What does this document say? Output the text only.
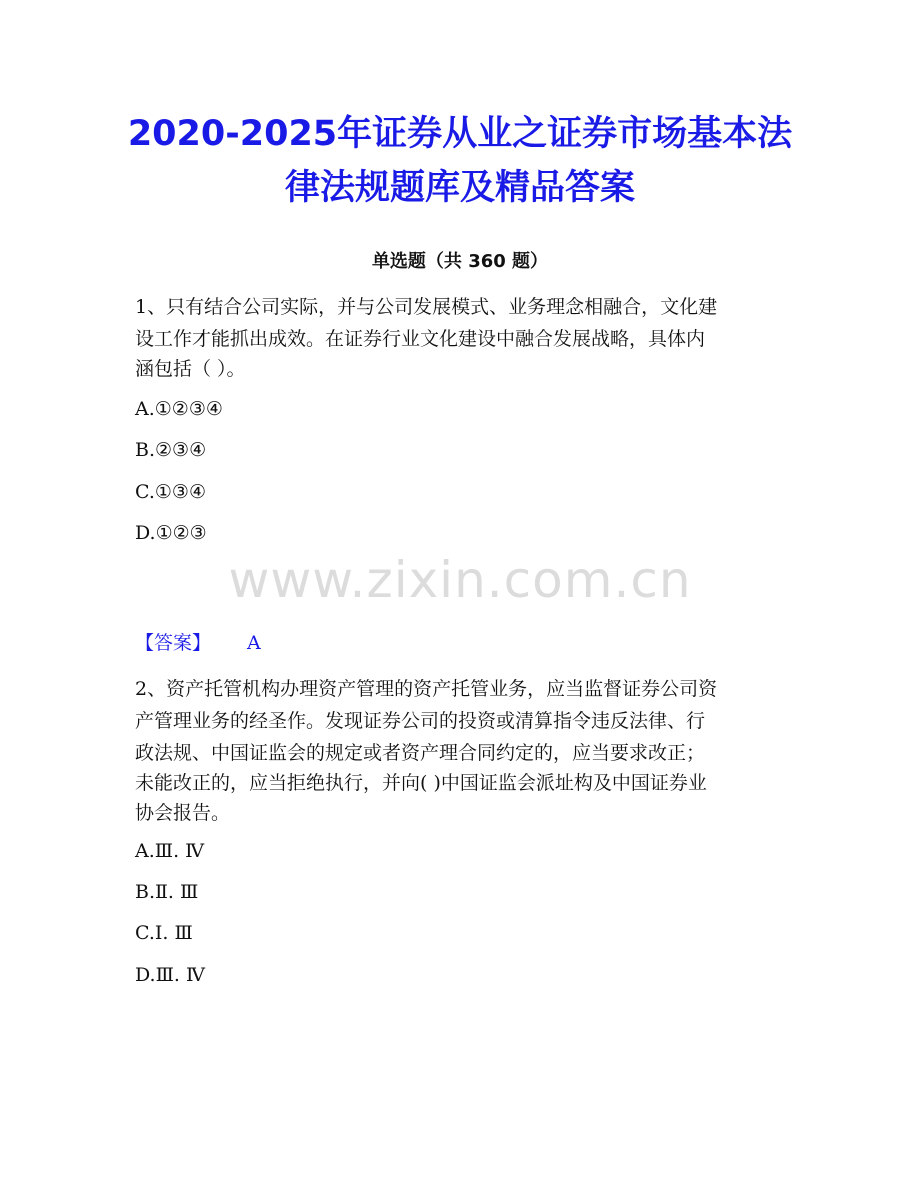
2020-2025年证券从业之证券市场基本法
律法规题库及精品答案
单选题（共 360 题）
1、只有结合公司实际，并与公司发展模式、业务理念相融合，文化建
设工作才能抓出成效。在证券行业文化建设中融合发展战略，具体内
涵包括（ ）。
A.①②③④
B.②③④
C.①③④
D.①②③
www.zixin.com.cn
【答案】 A
2、资产托管机构办理资产管理的资产托管业务，应当监督证券公司资
产管理业务的经圣作。发现证券公司的投资或清算指令违反法律、行
政法规、中国证监会的规定或者资产理合同约定的，应当要求改正；
未能改正的，应当拒绝执行，并向( )中国证监会派址构及中国证券业
协会报告。
A.Ⅲ. Ⅳ
B.Ⅱ. Ⅲ
C.Ⅰ. Ⅲ
D.Ⅲ. Ⅳ
